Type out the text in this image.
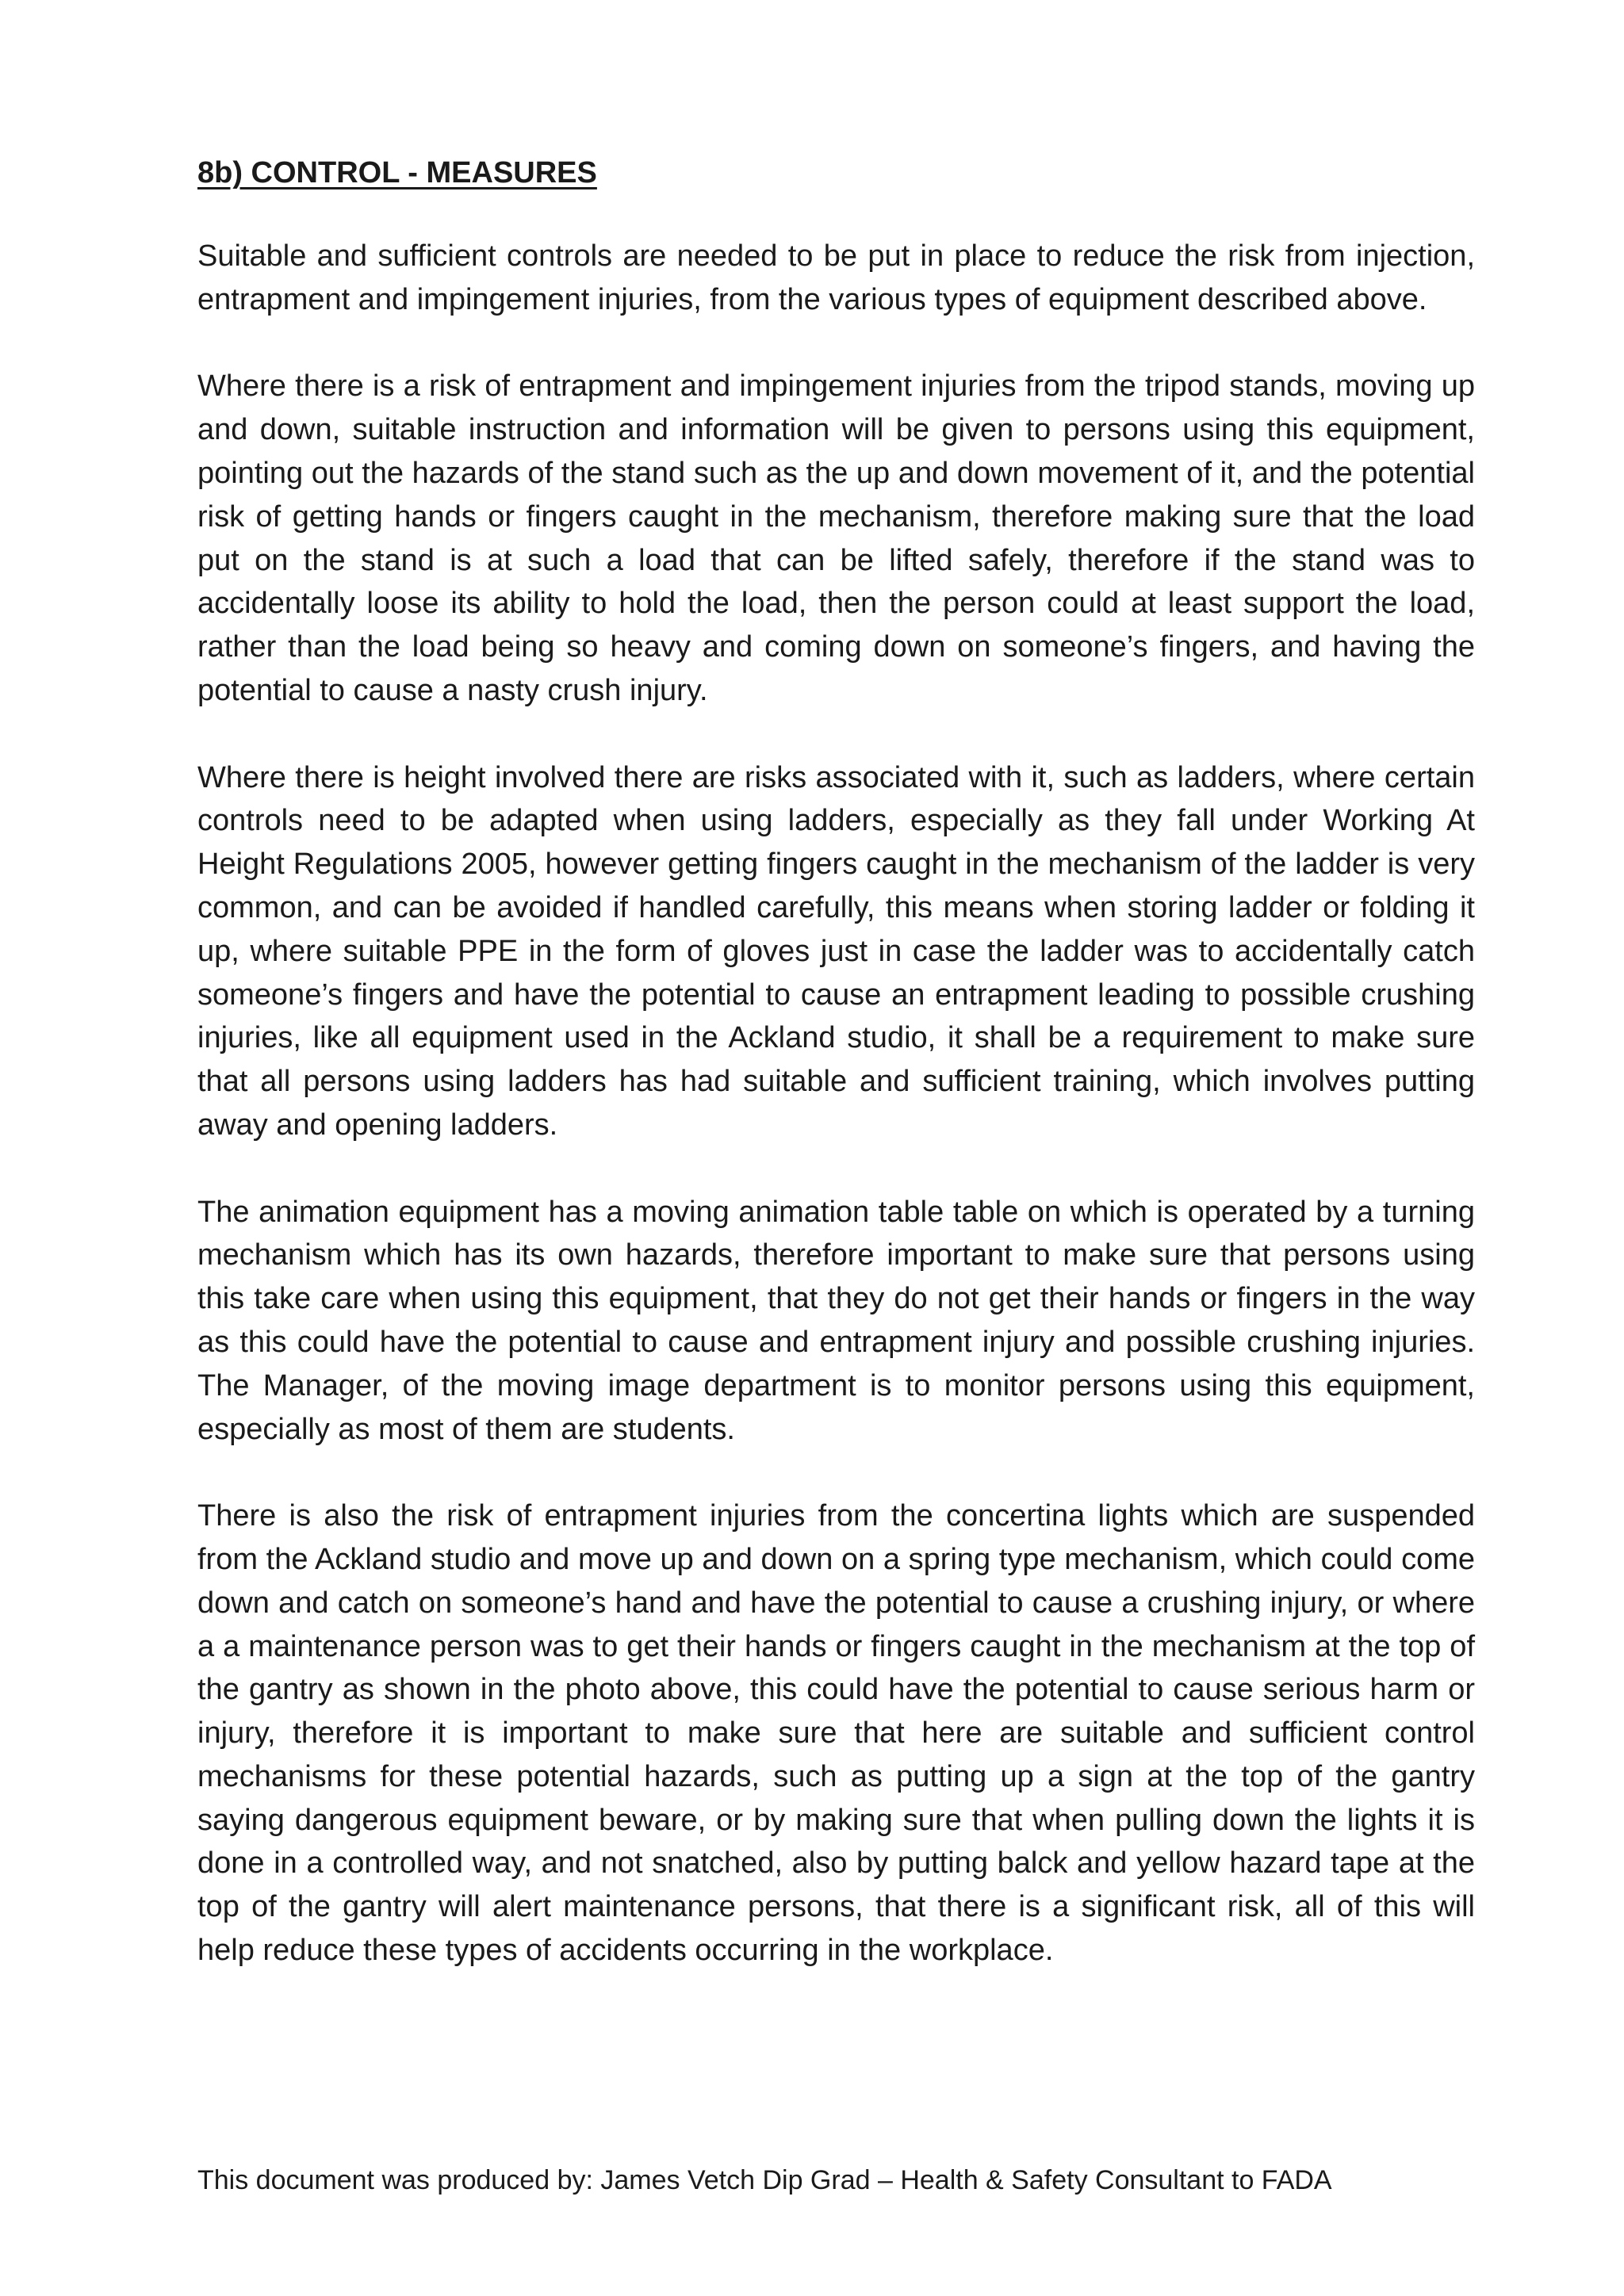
8b) CONTROL - MEASURES

Suitable and sufficient controls are needed to be put in place to reduce the risk from injection, entrapment and impingement injuries, from the various types of equipment described above.

Where there is a risk of entrapment and impingement injuries from the tripod stands, moving up and down, suitable instruction and information will be given to persons using this equipment, pointing out the hazards of the stand such as the up and down movement of it, and the potential risk of getting hands or fingers caught in the mechanism, therefore making sure that the load put on the stand is at such a load that can be lifted safely, therefore if the stand was to accidentally loose its ability to hold the load, then the person could at least support the load, rather than the load being so heavy and coming down on someone’s fingers, and having the potential to cause a nasty crush injury.

Where there is height involved there are risks associated with it, such as ladders, where certain controls need to be adapted when using ladders, especially as they fall under Working At Height Regulations 2005, however getting fingers caught in the mechanism of the ladder is very common, and can be avoided if handled carefully, this means when storing ladder or folding it up, where suitable PPE in the form of gloves just in case the ladder was to accidentally catch someone’s fingers and have the potential to cause an entrapment leading to possible crushing injuries, like all equipment used in the Ackland studio, it shall be a requirement to make sure that all persons using ladders has had suitable and sufficient training, which involves putting away and opening ladders.

The animation equipment has a moving animation table table on which is operated by a turning mechanism which has its own hazards, therefore important to make sure that persons using this take care when using this equipment, that they do not get their hands or fingers in the way as this could have the potential to cause and entrapment injury and possible crushing injuries. The Manager, of the moving image department is to monitor persons using this equipment, especially as most of them are students.

There is also the risk of entrapment injuries from the concertina lights which are suspended from the Ackland studio and move up and down on a spring type mechanism, which could come down and catch on someone’s hand and have the potential to cause a crushing injury, or where a a maintenance person was to get their hands or fingers caught in the mechanism at the top of the gantry as shown in the photo above, this could have the potential to cause serious harm or injury, therefore it is important to make sure that here are suitable and sufficient control mechanisms for these potential hazards, such as putting up a sign at the top of the gantry saying dangerous equipment beware, or by making sure that when pulling down the lights it is done in a controlled way, and not snatched, also by putting balck and yellow hazard tape at the top of the gantry will alert maintenance persons, that there is a significant risk, all of this will help reduce these types of accidents occurring in the workplace.

This document was produced by: James Vetch Dip Grad – Health & Safety Consultant to FADA
